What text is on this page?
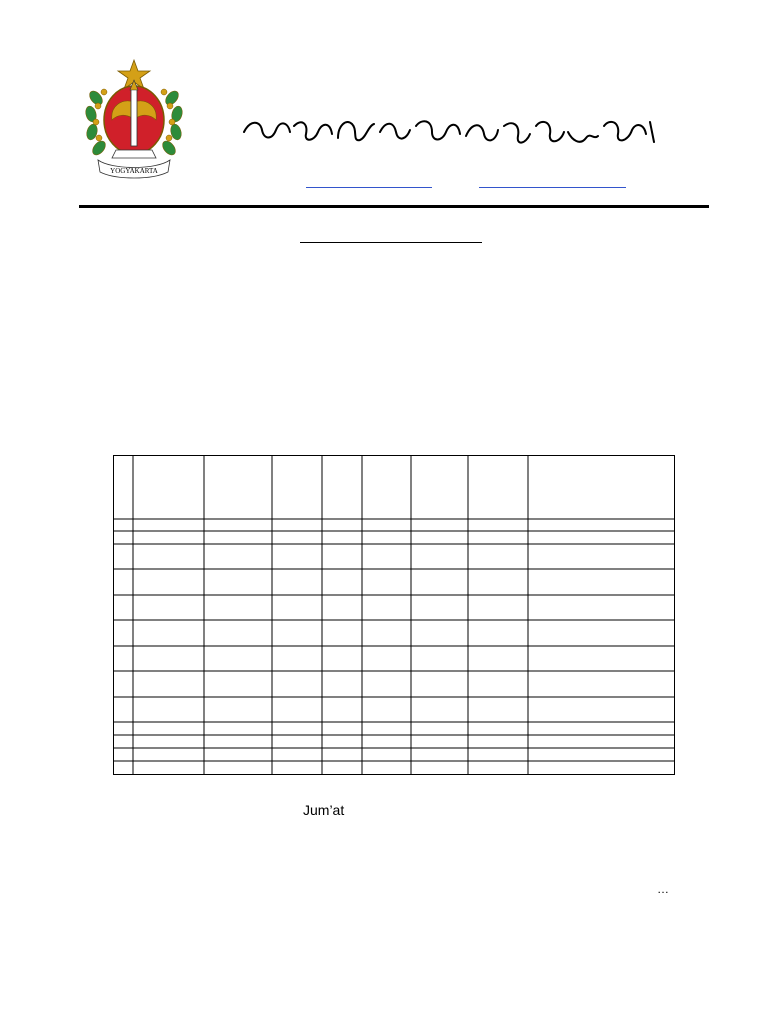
YOGYAKARTA
Jum’at
…
